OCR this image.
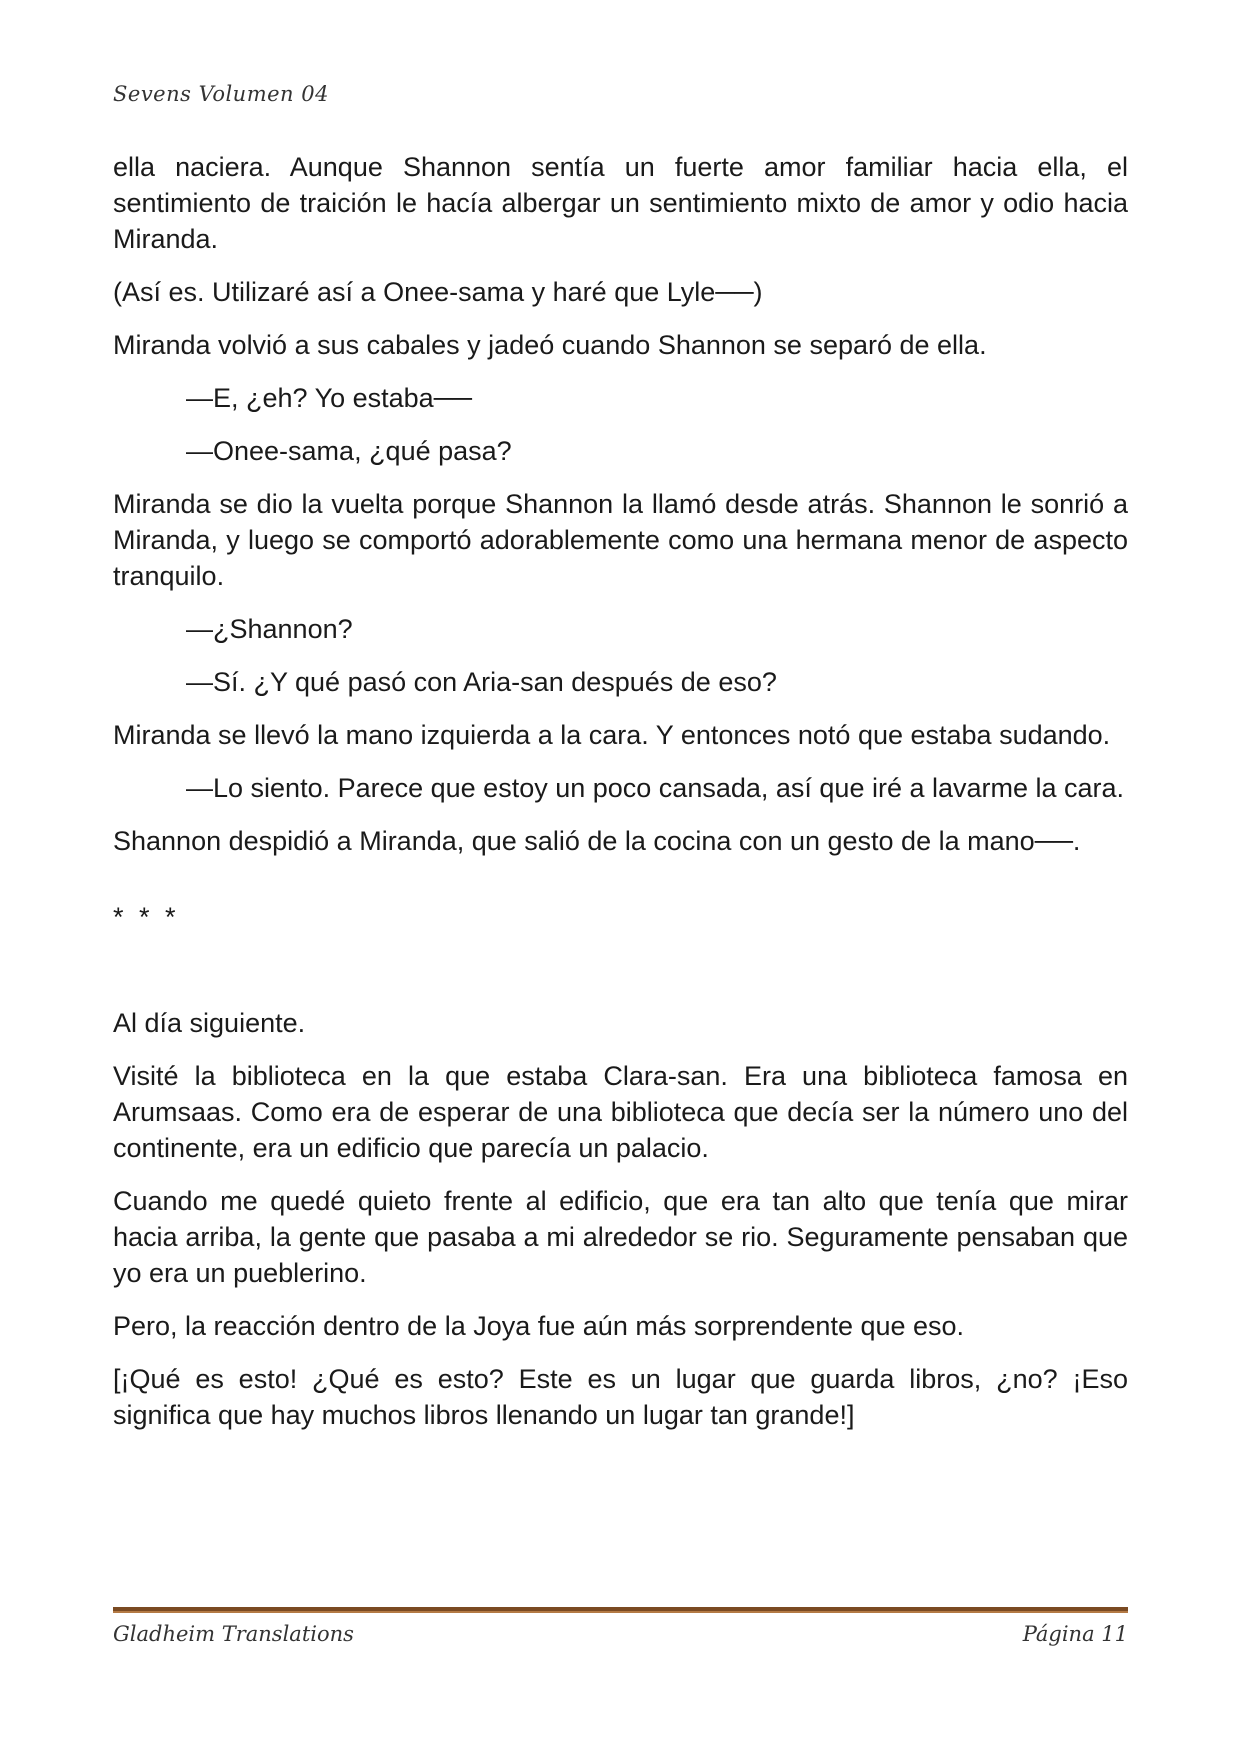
Sevens Volumen 04

ella naciera. Aunque Shannon sentía un fuerte amor familiar hacia ella, el sentimiento de traición le hacía albergar un sentimiento mixto de amor y odio hacia Miranda.

(Así es. Utilizaré así a Onee-sama y haré que Lyle──)

Miranda volvió a sus cabales y jadeó cuando Shannon se separó de ella.

—E, ¿eh? Yo estaba──

—Onee-sama, ¿qué pasa?

Miranda se dio la vuelta porque Shannon la llamó desde atrás. Shannon le sonrió a Miranda, y luego se comportó adorablemente como una hermana menor de aspecto tranquilo.

—¿Shannon?

—Sí. ¿Y qué pasó con Aria-san después de eso?

Miranda se llevó la mano izquierda a la cara. Y entonces notó que estaba sudando.

—Lo siento. Parece que estoy un poco cansada, así que iré a lavarme la cara.

Shannon despidió a Miranda, que salió de la cocina con un gesto de la mano──.

* * *

Al día siguiente.

Visité la biblioteca en la que estaba Clara-san. Era una biblioteca famosa en Arumsaas. Como era de esperar de una biblioteca que decía ser la número uno del continente, era un edificio que parecía un palacio.

Cuando me quedé quieto frente al edificio, que era tan alto que tenía que mirar hacia arriba, la gente que pasaba a mi alrededor se rio. Seguramente pensaban que yo era un pueblerino.

Pero, la reacción dentro de la Joya fue aún más sorprendente que eso.

[¡Qué es esto! ¿Qué es esto? Este es un lugar que guarda libros, ¿no? ¡Eso significa que hay muchos libros llenando un lugar tan grande!]

Gladheim Translations	Página 11
